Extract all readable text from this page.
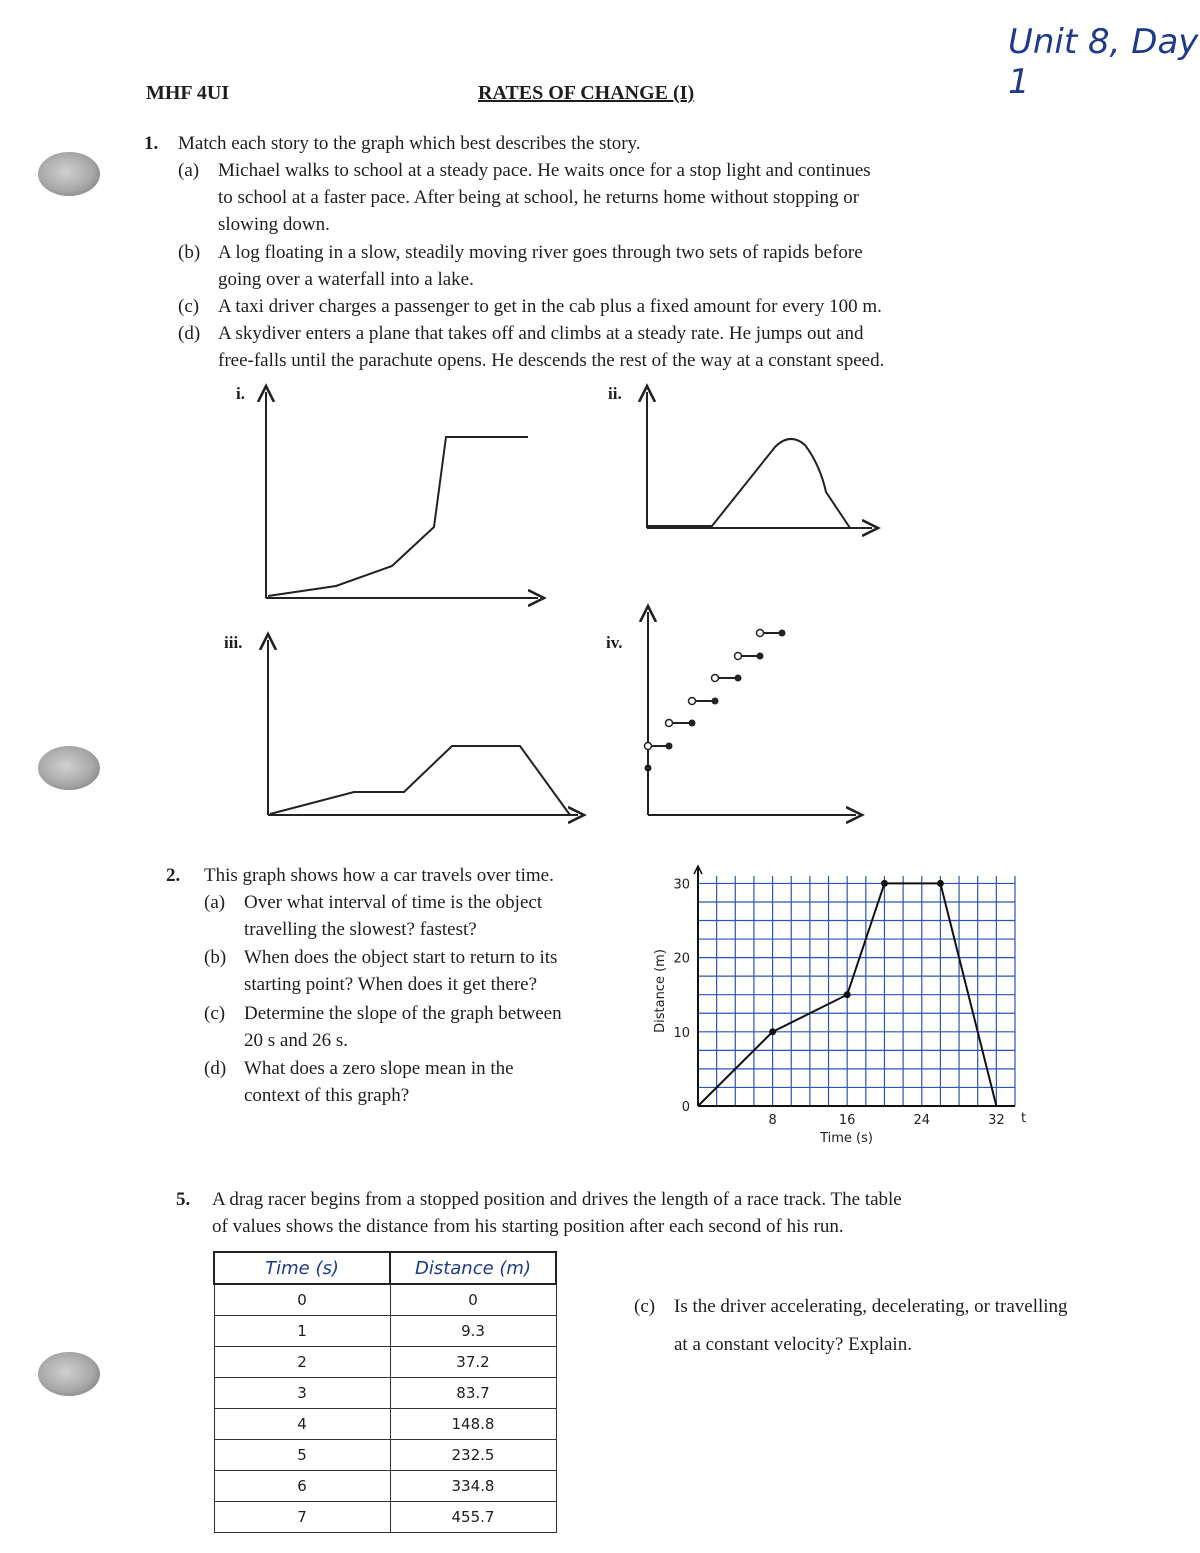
Unit 8, Day 1
MHF 4UI	RATES OF CHANGE (I)
1. Match each story to the graph which best describes the story.
(a) Michael walks to school at a steady pace. He waits once for a stop light and continues
to school at a faster pace. After being at school, he returns home without stopping or
slowing down.
(b) A log floating in a slow, steadily moving river goes through two sets of rapids before
going over a waterfall into a lake.
(c) A taxi driver charges a passenger to get in the cab plus a fixed amount for every 100 m.
(d) A skydiver enters a plane that takes off and climbs at a steady rate. He jumps out and
free-falls until the parachute opens. He descends the rest of the way at a constant speed.
i.	ii.
iii.	iv.
2. This graph shows how a car travels over time.
(a) Over what interval of time is the object
travelling the slowest? fastest?
(b) When does the object start to return to its
starting point? When does it get there?
(c) Determine the slope of the graph between
20 s and 26 s.
(d) What does a zero slope mean in the
context of this graph?
8	16	24	32
0
10
20
30
t
Time (s)
Distance (m)
5. A drag racer begins from a stopped position and drives the length of a race track. The table
of values shows the distance from his starting position after each second of his run.
Time (s)	Distance (m)
0	0
1	9.3
2	37.2
3	83.7
4	148.8
5	232.5
6	334.8
7	455.7
(c) Is the driver accelerating, decelerating, or travelling
at a constant velocity? Explain.
